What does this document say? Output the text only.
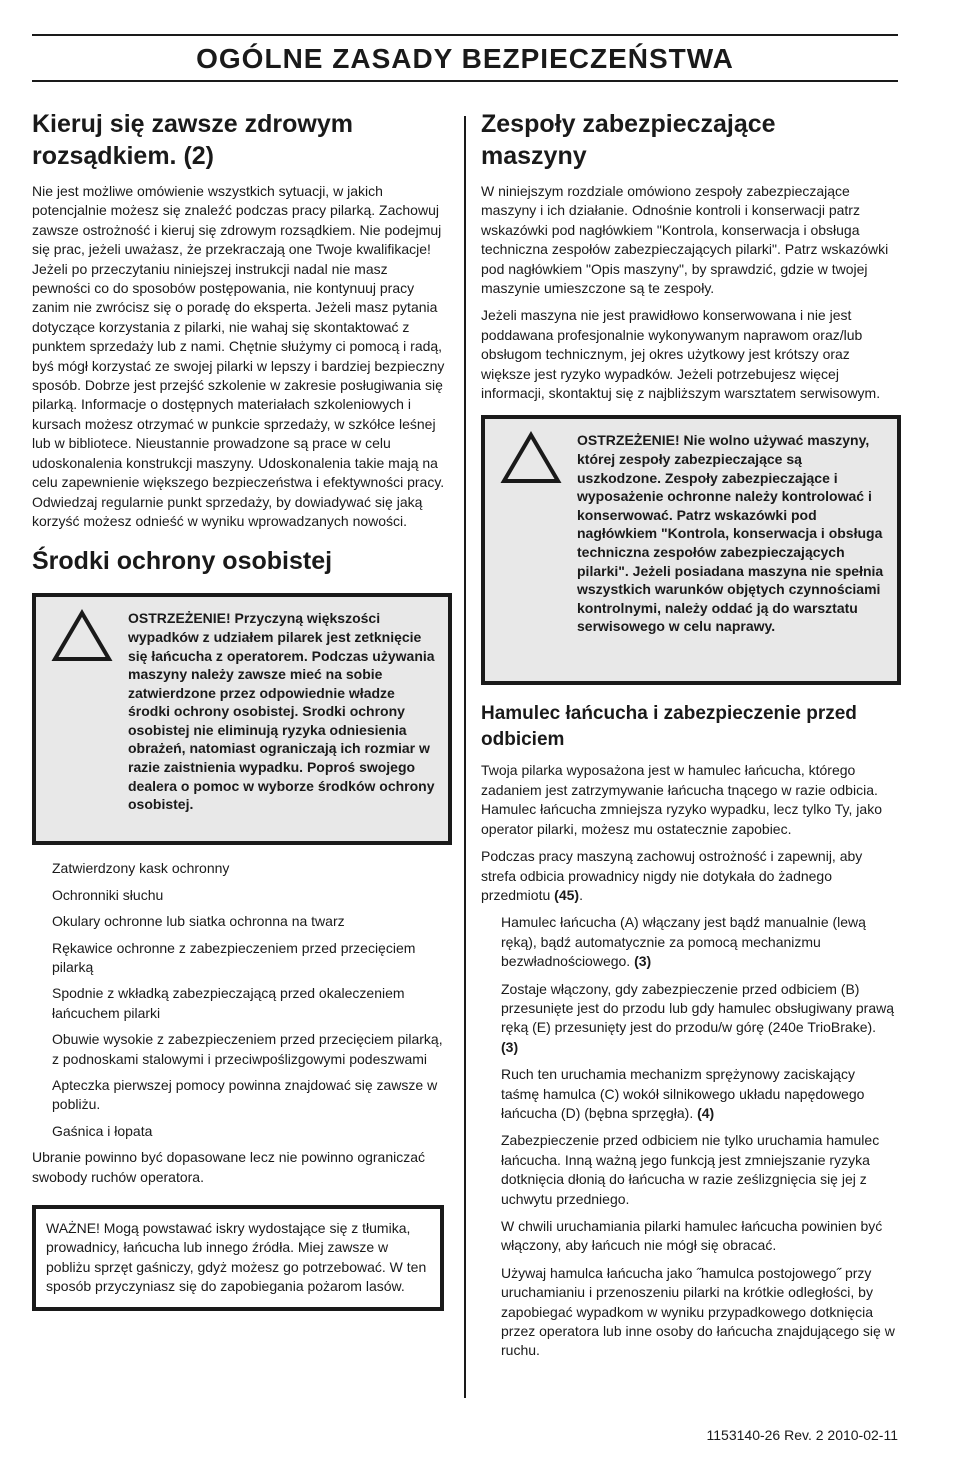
OGÓLNE ZASADY BEZPIECZEŃSTWA
Kieruj się zawsze zdrowym rozsądkiem. (2)

Nie jest możliwe omówienie wszystkich sytuacji, w jakich potencjalnie możesz się znaleźć podczas pracy pilarką. Zachowuj zawsze ostrożność i kieruj się zdrowym rozsądkiem. Nie podejmuj się prac, jeżeli uważasz, że przekraczają one Twoje kwalifikacje! Jeżeli po przeczytaniu niniejszej instrukcji nadal nie masz pewności co do sposobów postępowania, nie kontynuuj pracy zanim nie zwrócisz się o poradę do eksperta. Jeżeli masz pytania dotyczące korzystania z pilarki, nie wahaj się skontaktować z punktem sprzedaży lub z nami. Chętnie służymy ci pomocą i radą, byś mógł korzystać ze swojej pilarki w lepszy i bardziej bezpieczny sposób. Dobrze jest przejść szkolenie w zakresie posługiwania się pilarką. Informacje o dostępnych materiałach szkoleniowych i kursach możesz otrzymać w punkcie sprzedaży, w szkółce leśnej lub w bibliotece. Nieustannie prowadzone są prace w celu udoskonalenia konstrukcji maszyny. Udoskonalenia takie mają na celu zapewnienie większego bezpieczeństwa i efektywności pracy. Odwiedzaj regularnie punkt sprzedaży, by dowiadywać się jaką korzyść możesz odnieść w wyniku wprowadzanych nowości.

Środki ochrony osobistej
OSTRZEŻENIE! Przyczyną większości wypadków z udziałem pilarek jest zetknięcie się łańcucha z operatorem. Podczas używania maszyny należy zawsze mieć na sobie zatwierdzone przez odpowiednie władze środki ochrony osobistej. Srodki ochrony osobistej nie eliminują ryzyka odniesienia obrażeń, natomiast ograniczają ich rozmiar w razie zaistnienia wypadku. Poproś swojego dealera o pomoc w wyborze środków ochrony osobistej.
Zatwierdzony kask ochronny
Ochronniki słuchu
Okulary ochronne lub siatka ochronna na twarz
Rękawice ochronne z zabezpieczeniem przed przecięciem pilarką
Spodnie z wkładką zabezpieczającą przed okaleczeniem łańcuchem pilarki
Obuwie wysokie z zabezpieczeniem przed przecięciem pilarką, z podnoskami stalowymi i przeciwpoślizgowymi podeszwami
Apteczka pierwszej pomocy powinna znajdować się zawsze w pobliżu.
Gaśnica i łopata

Ubranie powinno być dopasowane lecz nie powinno ograniczać swobody ruchów operatora.

WAŻNE! Mogą powstawać iskry wydostające się z tłumika, prowadnicy, łańcucha lub innego źródła. Miej zawsze w pobliżu sprzęt gaśniczy, gdyż możesz go potrzebować. W ten sposób przyczyniasz się do zapobiegania pożarom lasów.

Zespoły zabezpieczające maszyny

W niniejszym rozdziale omówiono zespoły zabezpieczające maszyny i ich działanie. Odnośnie kontroli i konserwacji patrz wskazówki pod nagłówkiem "Kontrola, konserwacja i obsługa techniczna zespołów zabezpieczających pilarki". Patrz wskazówki pod nagłówkiem "Opis maszyny", by sprawdzić, gdzie w twojej maszynie umieszczone są te zespoły.

Jeżeli maszyna nie jest prawidłowo konserwowana i nie jest poddawana profesjonalnie wykonywanym naprawom oraz/lub obsługom technicznym, jej okres użytkowy jest krótszy oraz większe jest ryzyko wypadków. Jeżeli potrzebujesz więcej informacji, skontaktuj się z najbliższym warsztatem serwisowym.

OSTRZEŻENIE! Nie wolno używać maszyny, której zespoły zabezpieczające są uszkodzone. Zespoły zabezpieczające i wyposażenie ochronne należy kontrolować i konserwować. Patrz wskazówki pod nagłówkiem "Kontrola, konserwacja i obsługa techniczna zespołów zabezpieczających pilarki". Jeżeli posiadana maszyna nie spełnia wszystkich warunków objętych czynnościami kontrolnymi, należy oddać ją do warsztatu serwisowego w celu naprawy.
Hamulec łańcucha i zabezpieczenie przed odbiciem

Twoja pilarka wyposażona jest w hamulec łańcucha, którego zadaniem jest zatrzymywanie łańcucha tnącego w razie odbicia. Hamulec łańcucha zmniejsza ryzyko wypadku, lecz tylko Ty, jako operator pilarki, możesz mu ostatecznie zapobiec.

Podczas pracy maszyną zachowuj ostrożność i zapewnij, aby strefa odbicia prowadnicy nigdy nie dotykała do żadnego przedmiotu (45).

Hamulec łańcucha (A) włączany jest bądź manualnie (lewą ręką), bądź automatycznie za pomocą mechanizmu bezwładnościowego. (3)

Zostaje włączony, gdy zabezpieczenie przed odbiciem (B) przesunięte jest do przodu lub gdy hamulec obsługiwany prawą ręką (E) przesunięty jest do przodu/w górę (240e TrioBrake). (3)

Ruch ten uruchamia mechanizm sprężynowy zaciskający taśmę hamulca (C) wokół silnikowego układu napędowego łańcucha (D) (bębna sprzęgła). (4)

Zabezpieczenie przed odbiciem nie tylko uruchamia hamulec łańcucha. Inną ważną jego funkcją jest zmniejszanie ryzyka dotknięcia dłonią do łańcucha w razie ześlizgnięcia się jej z uchwytu przedniego.

W chwili uruchamiania pilarki hamulec łańcucha powinien być włączony, aby łańcuch nie mógł się obracać.

Używaj hamulca łańcucha jako ˝hamulca postojowego˝ przy uruchamianiu i przenoszeniu pilarki na krótkie odległości, by zapobiegać wypadkom w wyniku przypadkowego dotknięcia przez operatora lub inne osoby do łańcucha znajdującego się w ruchu.

1153140-26 Rev. 2 2010-02-11
